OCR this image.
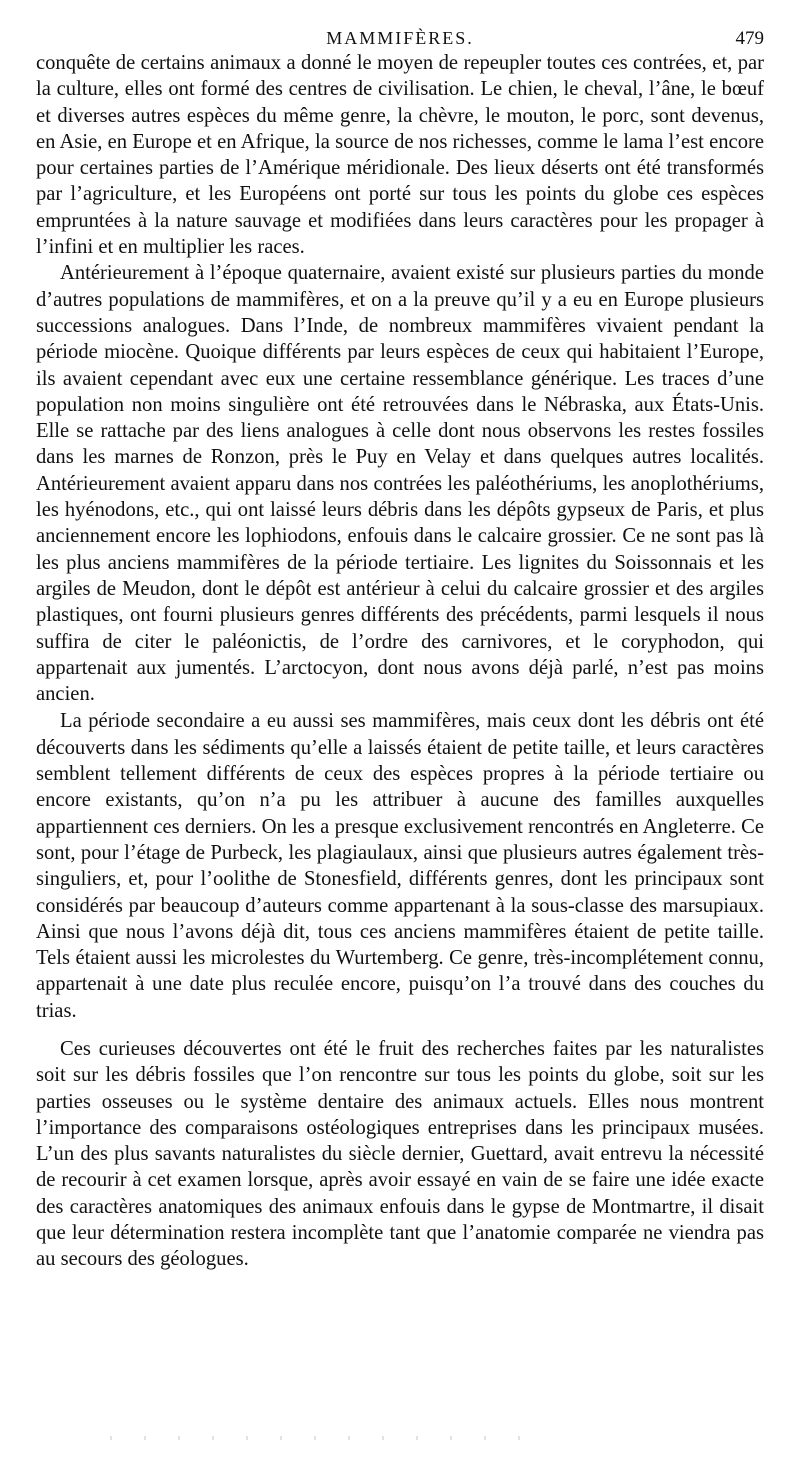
MAMMIFÈRES.	479

conquête de certains animaux a donné le moyen de repeupler toutes ces contrées, et, par la culture, elles ont formé des centres de civilisation. Le chien, le cheval, l’âne, le bœuf et diverses autres espèces du même genre, la chèvre, le mouton, le porc, sont devenus, en Asie, en Europe et en Afrique, la source de nos richesses, comme le lama l’est encore pour certaines parties de l’Amérique méridionale. Des lieux déserts ont été transformés par l’agriculture, et les Européens ont porté sur tous les points du globe ces espèces empruntées à la nature sauvage et modifiées dans leurs caractères pour les propager à l’infini et en multiplier les races.

Antérieurement à l’époque quaternaire, avaient existé sur plusieurs parties du monde d’autres populations de mammifères, et on a la preuve qu’il y a eu en Europe plusieurs successions analogues. Dans l’Inde, de nombreux mammifères vivaient pendant la période miocène. Quoique différents par leurs espèces de ceux qui habitaient l’Europe, ils avaient cependant avec eux une certaine ressemblance générique. Les traces d’une population non moins singulière ont été retrouvées dans le Nébraska, aux États-Unis. Elle se rattache par des liens analogues à celle dont nous observons les restes fossiles dans les marnes de Ronzon, près le Puy en Velay et dans quelques autres localités. Antérieurement avaient apparu dans nos contrées les paléothériums, les anoplothériums, les hyénodons, etc., qui ont laissé leurs débris dans les dépôts gypseux de Paris, et plus anciennement encore les lophiodons, enfouis dans le calcaire grossier. Ce ne sont pas là les plus anciens mammifères de la période tertiaire. Les lignites du Soissonnais et les argiles de Meudon, dont le dépôt est antérieur à celui du calcaire grossier et des argiles plastiques, ont fourni plusieurs genres différents des précédents, parmi lesquels il nous suffira de citer le paléonictis, de l’ordre des carnivores, et le coryphodon, qui appartenait aux jumentés. L’arctocyon, dont nous avons déjà parlé, n’est pas moins ancien.

La période secondaire a eu aussi ses mammifères, mais ceux dont les débris ont été découverts dans les sédiments qu’elle a laissés étaient de petite taille, et leurs caractères semblent tellement différents de ceux des espèces propres à la période tertiaire ou encore existants, qu’on n’a pu les attribuer à aucune des familles auxquelles appartiennent ces derniers. On les a presque exclusivement rencontrés en Angleterre. Ce sont, pour l’étage de Purbeck, les plagiaulaux, ainsi que plusieurs autres également très-singuliers, et, pour l’oolithe de Stonesfield, différents genres, dont les principaux sont considérés par beaucoup d’auteurs comme appartenant à la sous-classe des marsupiaux. Ainsi que nous l’avons déjà dit, tous ces anciens mammifères étaient de petite taille. Tels étaient aussi les microlestes du Wurtemberg. Ce genre, très-incomplétement connu, appartenait à une date plus reculée encore, puisqu’on l’a trouvé dans des couches du trias.

Ces curieuses découvertes ont été le fruit des recherches faites par les naturalistes soit sur les débris fossiles que l’on rencontre sur tous les points du globe, soit sur les parties osseuses ou le système dentaire des animaux actuels. Elles nous montrent l’importance des comparaisons ostéologiques entreprises dans les principaux musées. L’un des plus savants naturalistes du siècle dernier, Guettard, avait entrevu la nécessité de recourir à cet examen lorsque, après avoir essayé en vain de se faire une idée exacte des caractères anatomiques des animaux enfouis dans le gypse de Montmartre, il disait que leur détermination restera incomplète tant que l’anatomie comparée ne viendra pas au secours des géologues.
